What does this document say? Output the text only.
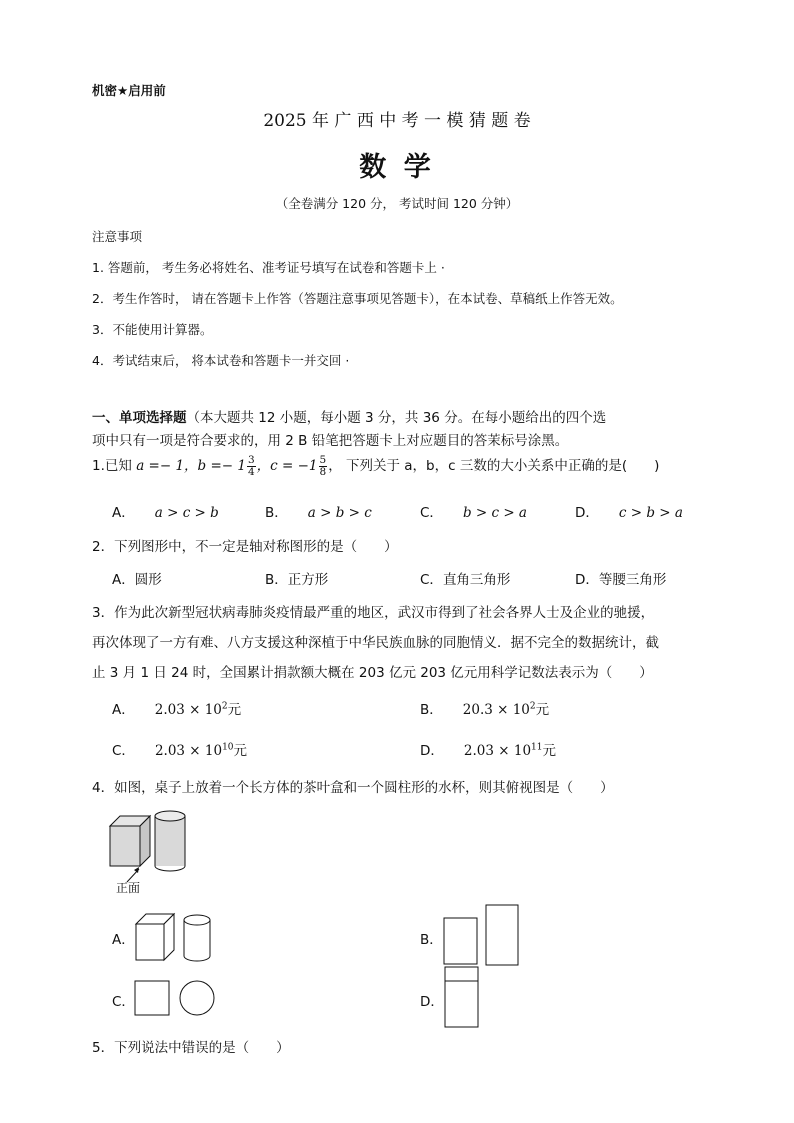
机密★启用前
2025 年 广 西 中 考 一 模 猜 题 卷
数 学
（全卷满分 120 分， 考试时间 120 分钟）
注意事项
1. 答题前， 考生务必将姓名、准考证号填写在试卷和答题卡上 ·
2．考生作答时， 请在答题卡上作答（答题注意事项见答题卡），在本试卷、草稿纸上作答无效。
3．不能使用计算器。
4．考试结束后， 将本试卷和答题卡一并交回 ·
一、单项选择题（本大题共 12 小题，每小题 3 分，共 36 分。在每小题给出的四个选
项中只有一项是符合要求的，用 2 B 铅笔把答题卡上对应题目的答茉标号涂黑。
1.已知 a =− 1，$b =- 1 \frac{3}{4}$ ，$c = -1 \frac{5}{8}$ ， 下列关于 a，b，c 三数的大小关系中正确的是(　　)
A． a > c > b	B． a > b > c	C． b > c > a	D． c > b > a
2．下列图形中，不一定是轴对称图形的是（　　）
A．圆形	B．正方形	C．直角三角形	D．等腰三角形
3．作为此次新型冠状病毒肺炎疫情最严重的地区，武汉市得到了社会各界人士及企业的驰援，
再次体现了一方有难、八方支援这种深植于中华民族血脉的同胞情义．据不完全的数据统计，截
止 3 月 1 日 24 时，全国累计捐款额大概在 203 亿元 203 亿元用科学记数法表示为（　　）
A． $2.03 \times 10^2$元	B． $20.3 \times 10^2$元
C． $2.03 \times 10^{10}$元	D． $2.03 \times 10^{11}$元
4．如图，桌子上放着一个长方体的茶叶盒和一个圆柱形的水杯，则其俯视图是（　　）
正面
A．	B．
C．	D．
5．下列说法中错误的是（　　）
